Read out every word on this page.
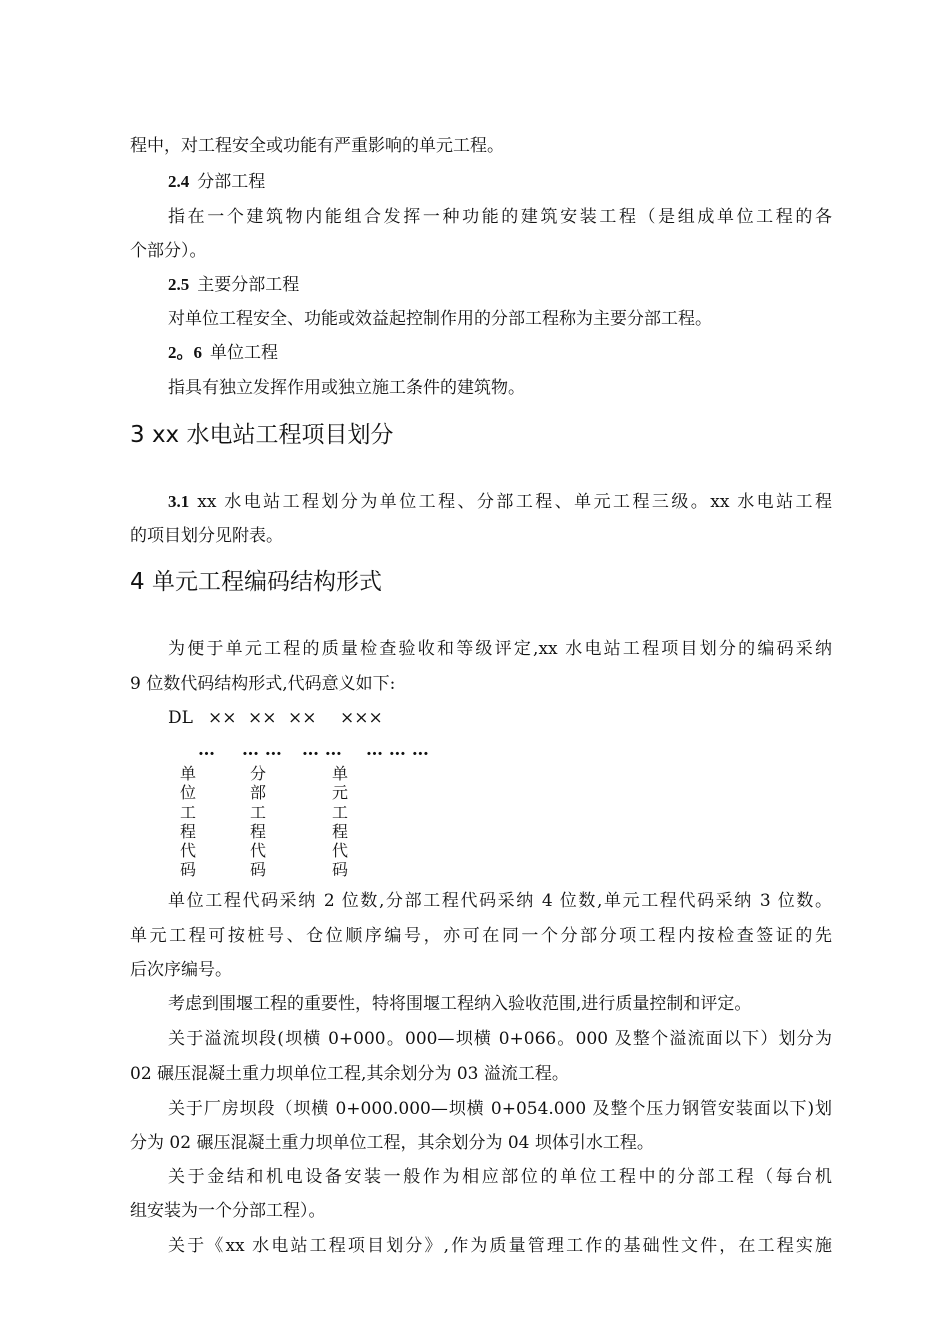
程中，对工程安全或功能有严重影响的单元工程。
2.4 分部工程
指在一个建筑物内能组合发挥一种功能的建筑安装工程（是组成单位工程的各
个部分）。
2.5 主要分部工程
对单位工程安全、功能或效益起控制作用的分部工程称为主要分部工程。
2。6 单位工程
指具有独立发挥作用或独立施工条件的建筑物。
3 xx 水电站工程项目划分
3.1 xx 水电站工程划分为单位工程、分部工程、单元工程三级。xx 水电站工程
的项目划分见附表。
4 单元工程编码结构形式
为便于单元工程的质量检查验收和等级评定,xx 水电站工程项目划分的编码采纳
9 位数代码结构形式,代码意义如下:
DL ×× ×× ×× ×××
… … … … … … … …
单
位
工
程
代
码
分
部
工
程
代
码
单
元
工
程
代
码
单位工程代码采纳 2 位数,分部工程代码采纳 4 位数,单元工程代码采纳 3 位数。
单元工程可按桩号、仓位顺序编号，亦可在同一个分部分项工程内按检查签证的先
后次序编号。
考虑到围堰工程的重要性，特将围堰工程纳入验收范围,进行质量控制和评定。
关于溢流坝段(坝横 0+000。000—坝横 0+066。000 及整个溢流面以下）划分为
02 碾压混凝土重力坝单位工程,其余划分为 03 溢流工程。
关于厂房坝段（坝横 0+000.000—坝横 0+054.000 及整个压力钢管安装面以下)划
分为 02 碾压混凝土重力坝单位工程，其余划分为 04 坝体引水工程。
关于金结和机电设备安装一般作为相应部位的单位工程中的分部工程（每台机
组安装为一个分部工程）。
关于《xx 水电站工程项目划分》,作为质量管理工作的基础性文件，在工程实施
